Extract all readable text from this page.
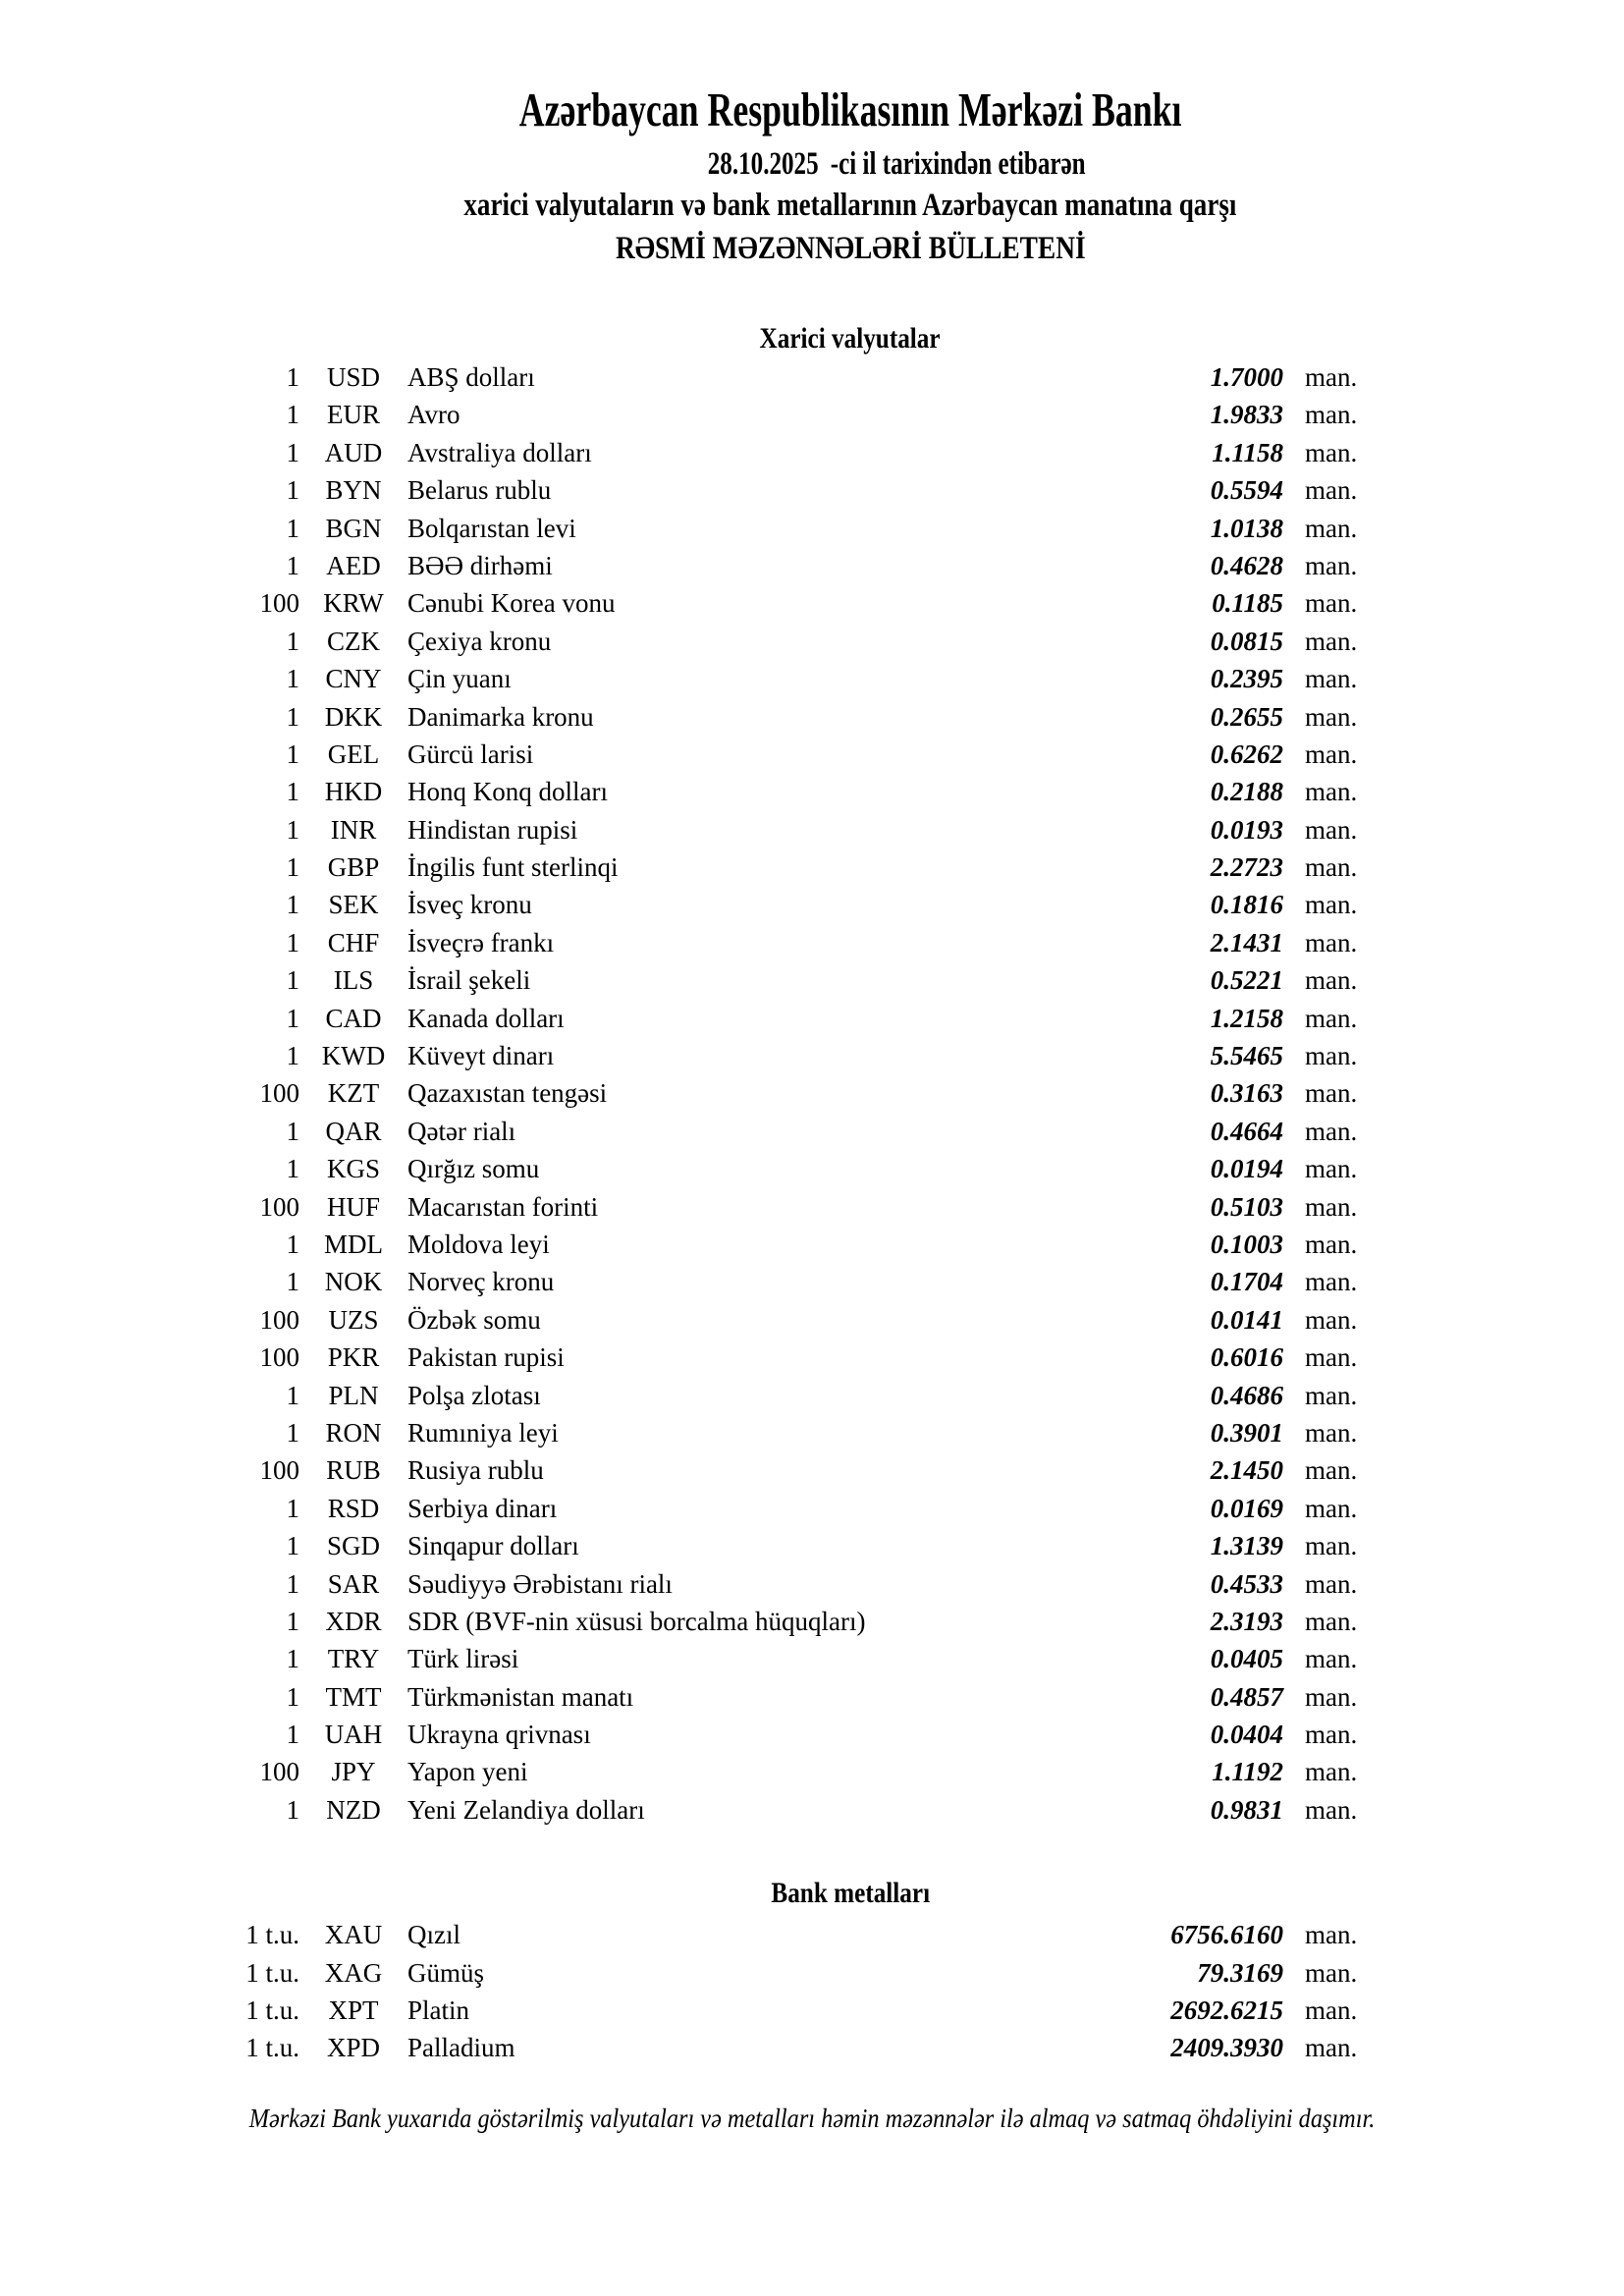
Azərbaycan Respublikasının Mərkəzi Bankı
28.10.2025 -ci il tarixindən etibarən
xarici valyutaların və bank metallarının Azərbaycan manatına qarşı
RƏSMİ MƏZƏNNƏLƏRİ BÜLLETENİ
Xarici valyutalar
1	USD	ABŞ dolları	1.7000 man.
1	EUR	Avro	1.9833 man.
1 AUD Avstraliya dolları	1.1158 man.
1 BYN Belarus rublu	0.5594 man.
1 BGN Bolqarıstan levi	1.0138 man.
1	AED	BƏƏ dirhəmi	0.4628 man.
100 KRW Cənubi Korea vonu	0.1185 man.
1	CZK	Çexiya kronu	0.0815 man.
1 CNY Çin yuanı	0.2395 man.
1 DKK Danimarka kronu	0.2655 man.
1	GEL	Gürcü larisi	0.6262 man.
1 HKD Honq Konq dolları	0.2188 man.
1	INR	Hindistan rupisi	0.0193 man.
1	GBP	İngilis funt sterlinqi	2.2723 man.
1	SEK	İsveç kronu	0.1816 man.
1	CHF	İsveçrə frankı	2.1431 man.
1	ILS	İsrail şekeli	0.5221 man.
1 CAD Kanada dolları	1.2158 man.
1 KWD Küveyt dinarı	5.5465 man.
100	KZT	Qazaxıstan tengəsi	0.3163 man.
1 QAR Qətər rialı	0.4664 man.
1	KGS	Qırğız somu	0.0194 man.
100	HUF	Macarıstan forinti	0.5103 man.
1 MDL Moldova leyi	0.1003 man.
1 NOK Norveç kronu	0.1704 man.
100	UZS	Özbək somu	0.0141 man.
100	PKR	Pakistan rupisi	0.6016 man.
1	PLN	Polşa zlotası	0.4686 man.
1 RON Rumıniya leyi	0.3901 man.
100	RUB	Rusiya rublu	2.1450 man.
1	RSD	Serbiya dinarı	0.0169 man.
1	SGD	Sinqapur dolları	1.3139 man.
1	SAR	Səudiyyə Ərəbistanı rialı	0.4533 man.
1 XDR SDR (BVF-nin xüsusi borcalma hüquqları)	2.3193 man.
1	TRY	Türk lirəsi	0.0405 man.
1 TMT Türkmənistan manatı	0.4857 man.
1 UAH Ukrayna qrivnası	0.0404 man.
100	JPY	Yapon yeni	1.1192 man.
1	NZD	Yeni Zelandiya dolları	0.9831 man.
Bank metalları
1 t.u. XAU Qızıl	6756.6160 man.
1 t.u. XAG Gümüş	79.3169 man.
1 t.u.	XPT	Platin	2692.6215 man.
1 t.u.	XPD	Palladium	2409.3930 man.

Mərkəzi Bank yuxarıda göstərilmiş valyutaları və metalları həmin məzənnələr ilə almaq və satmaq öhdəliyini daşımır.
